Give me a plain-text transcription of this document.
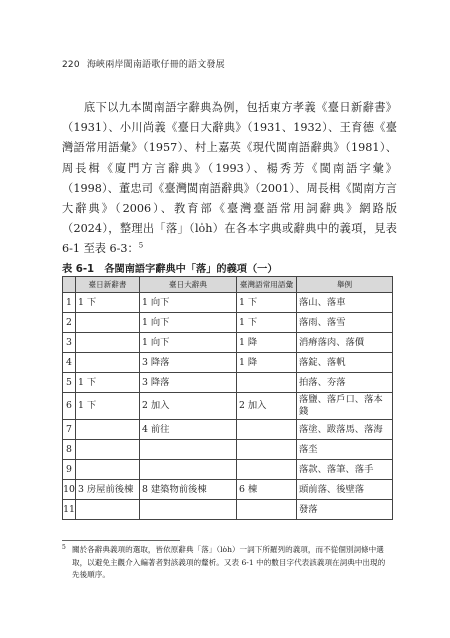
220 海峽兩岸閩南語歌仔冊的語文發展

底下以九本閩南語字辭典為例，包括東方孝義《臺日新辭書》（1931）、小川尚義《臺日大辭典》（1931、1932）、王育德《臺灣語常用語彙》（1957）、村上嘉英《現代閩南語辭典》（1981）、周長楫《廈門方言辭典》（1993）、楊秀芳《閩南語字彙》（1998）、董忠司《臺灣閩南語辭典》（2001）、周長楫《閩南方言大辭典》（2006）、教育部《臺灣臺語常用詞辭典》網路版（2024），整理出「落」（lo̍h）在各本字典或辭典中的義項，見表 6-1 至表 6-3：$^5$

表 6-1　各閩南語字辭典中「落」的義項（一）
	臺日新辭書	臺日大辭典	臺灣語常用語彙	舉例
1	1 下	1 向下	1 下	落山、落車
2		1 向下	1 下	落雨、落雪
3		1 向下	1 降	消瘠落肉、落價
4		3 降落	1 降	落錠、落帆
5	1 下	3 降落		拍落、夯落
6	1 下	2 加入	2 加入	落鹽、落戶口、落本錢
7		4 前往		落塗、跋落馬、落海
8				落坔
9				落款、落筆、落手
10	3 房屋前後棟	8 建築物前後棟	6 棟	頭前落、後壁落
11				發落

5 關於各辭典義項的選取，皆依原辭典「落」（lo̍h）一詞下所羅列的義項，而不從個別詞條中選取，以避免主觀介入編著者對該義項的釐析。又表 6-1 中的數目字代表該義項在詞典中出現的先後順序。
